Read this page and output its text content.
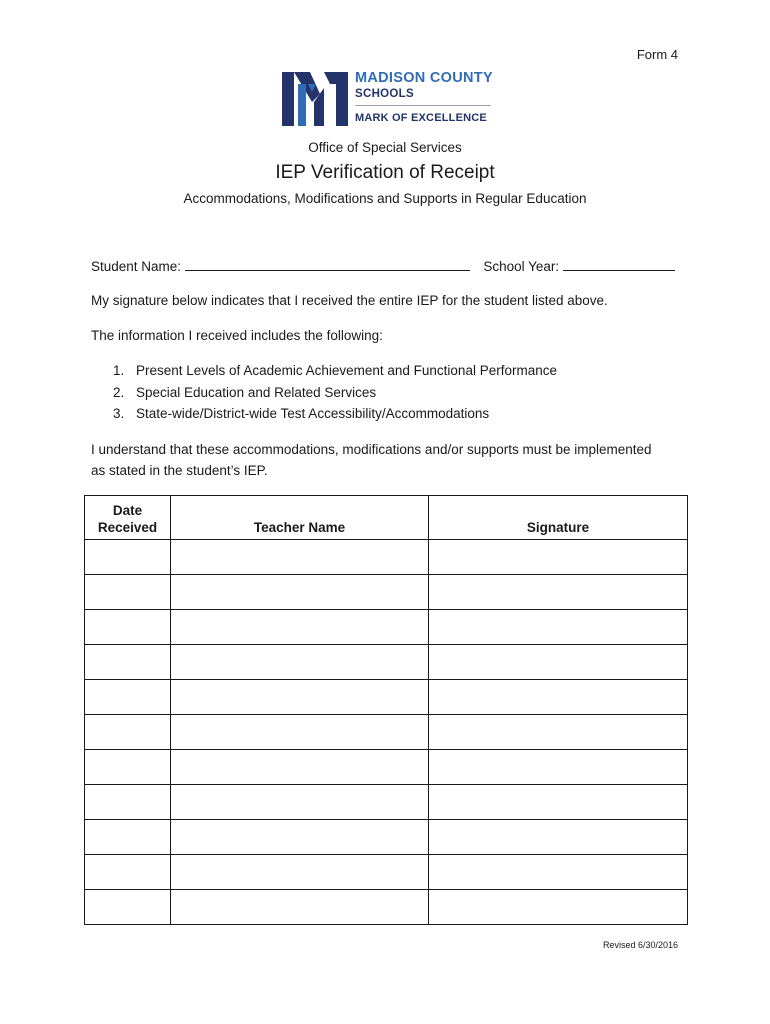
Form 4
MADISON COUNTY
SCHOOLS
MARK OF EXCELLENCE
Office of Special Services
IEP Verification of Receipt
Accommodations, Modifications and Supports in Regular Education
Student Name:	School Year:
My signature below indicates that I received the entire IEP for the student listed above.
The information I received includes the following:
1. Present Levels of Academic Achievement and Functional Performance
2. Special Education and Related Services
3. State-wide/District-wide Test Accessibility/Accommodations
I understand that these accommodations, modifications and/or supports must be implemented
as stated in the student’s IEP.
Date
Received	Teacher Name	Signature

Revised 6/30/2016
